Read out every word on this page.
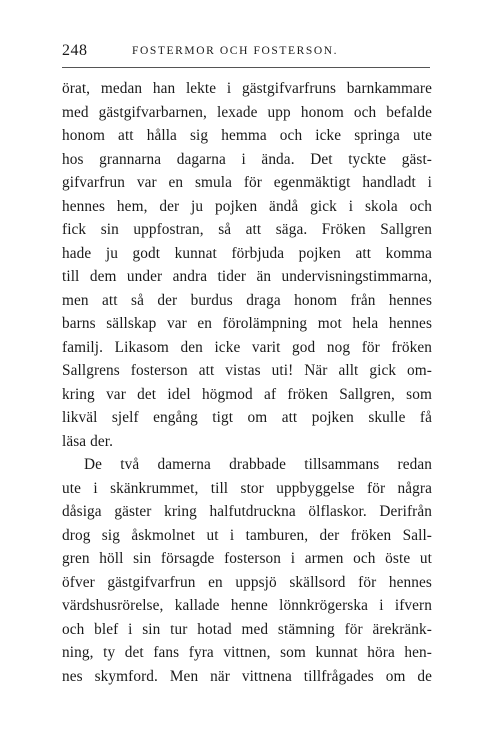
248	FOSTERMOR OCH FOSTERSON.
örat, medan han lekte i gästgifvarfruns barnkammare
med gästgifvarbarnen, lexade upp honom och befalde
honom att hålla sig hemma och icke springa ute
hos grannarna dagarna i ända. Det tyckte gäst-
gifvarfrun var en smula för egenmäktigt handladt i
hennes hem, der ju pojken ändå gick i skola och
fick sin uppfostran, så att säga. Fröken Sallgren
hade ju godt kunnat förbjuda pojken att komma
till dem under andra tider än undervisningstimmarna,
men att så der burdus draga honom från hennes
barns sällskap var en förolämpning mot hela hennes
familj. Likasom den icke varit god nog för fröken
Sallgrens fosterson att vistas uti! När allt gick om-
kring var det idel högmod af fröken Sallgren, som
likväl sjelf engång tigt om att pojken skulle få
läsa der.
De två damerna drabbade tillsammans redan
ute i skänkrummet, till stor uppbyggelse för några
dåsiga gäster kring halfutdruckna ölflaskor. Derifrån
drog sig åskmolnet ut i tamburen, der fröken Sall-
gren höll sin försagde fosterson i armen och öste ut
öfver gästgifvarfrun en uppsjö skällsord för hennes
värdshusrörelse, kallade henne lönnkrögerska i ifvern
och blef i sin tur hotad med stämning för ärekränk-
ning, ty det fans fyra vittnen, som kunnat höra hen-
nes skymford. Men när vittnena tillfrågades om de
